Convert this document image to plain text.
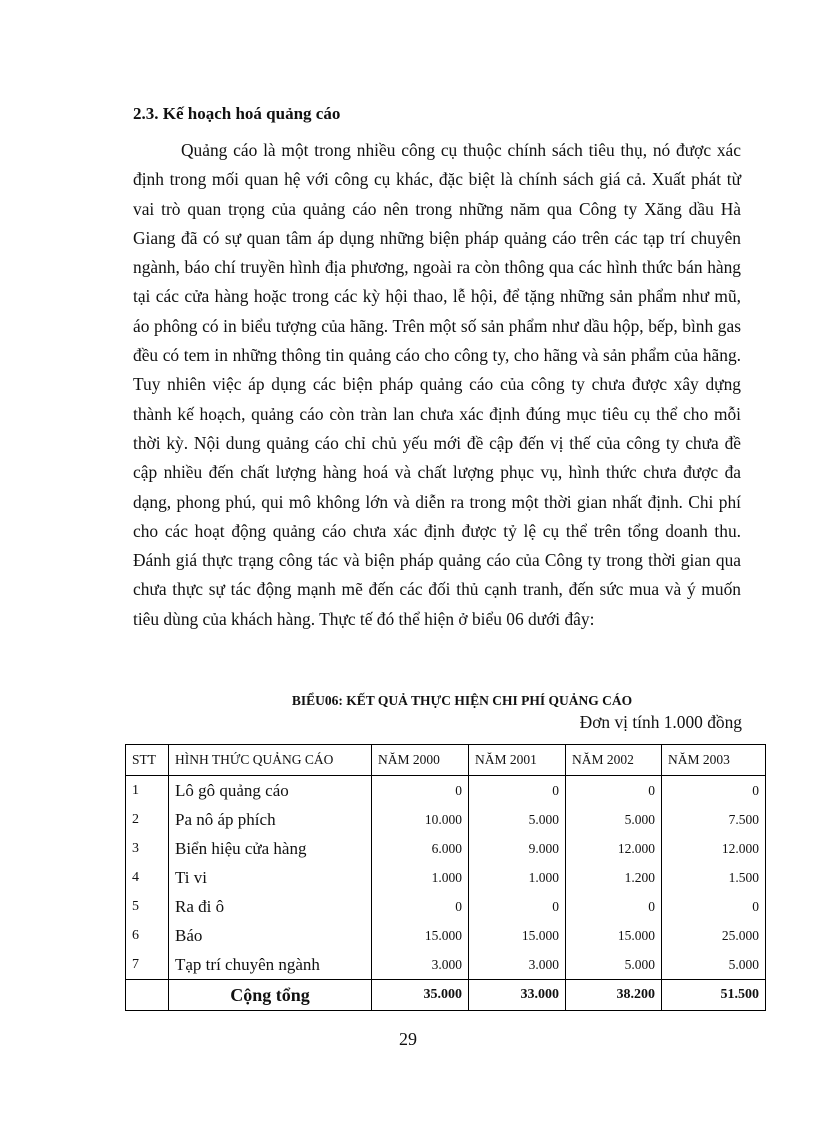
2.3. Kế hoạch hoá quảng cáo

Quảng cáo là một trong nhiều công cụ thuộc chính sách tiêu thụ, nó được xác định trong mối quan hệ với công cụ khác, đặc biệt là chính sách giá cả. Xuất phát từ vai trò quan trọng của quảng cáo nên trong những năm qua Công ty Xăng dầu Hà Giang đã có sự quan tâm áp dụng những biện pháp quảng cáo trên các tạp trí chuyên ngành, báo chí truyền hình địa phương, ngoài ra còn thông qua các hình thức bán hàng tại các cửa hàng hoặc trong các kỳ hội thao, lễ hội, để tặng những sản phẩm như mũ, áo phông có in biểu tượng của hãng. Trên một số sản phẩm như dầu hộp, bếp, bình gas đều có tem in những thông tin quảng cáo cho công ty, cho hãng và sản phẩm của hãng. Tuy nhiên việc áp dụng các biện pháp quảng cáo của công ty chưa được xây dựng thành kế hoạch, quảng cáo còn tràn lan chưa xác định đúng mục tiêu cụ thể cho mỗi thời kỳ. Nội dung quảng cáo chỉ chủ yếu mới đề cập đến vị thế của công ty chưa đề cập nhiều đến chất lượng hàng hoá và chất lượng phục vụ, hình thức chưa được đa dạng, phong phú, qui mô không lớn và diễn ra trong một thời gian nhất định. Chi phí cho các hoạt động quảng cáo chưa xác định được tỷ lệ cụ thể trên tổng doanh thu. Đánh giá thực trạng công tác và biện pháp quảng cáo của Công ty trong thời gian qua chưa thực sự tác động mạnh mẽ đến các đối thủ cạnh tranh, đến sức mua và ý muốn tiêu dùng của khách hàng. Thực tế đó thể hiện ở biểu 06 dưới đây:

BIỂU06: KẾT QUẢ THỰC HIỆN CHI PHÍ QUẢNG CÁO

Đơn vị tính 1.000 đồng

STT	HÌNH THỨC QUẢNG CÁO	NĂM 2000	NĂM 2001	NĂM 2002	NĂM 2003
1	Lô gô quảng cáo	0	0	0	0
2	Pa nô áp phích	10.000	5.000	5.000	7.500
3	Biển hiệu cửa hàng	6.000	9.000	12.000	12.000
4	Ti vi	1.000	1.000	1.200	1.500
5	Ra đi ô	0	0	0	0
6	Báo	15.000	15.000	15.000	25.000
7	Tạp trí chuyên ngành	3.000	3.000	5.000	5.000
	Cộng tổng	35.000	33.000	38.200	51.500

29
